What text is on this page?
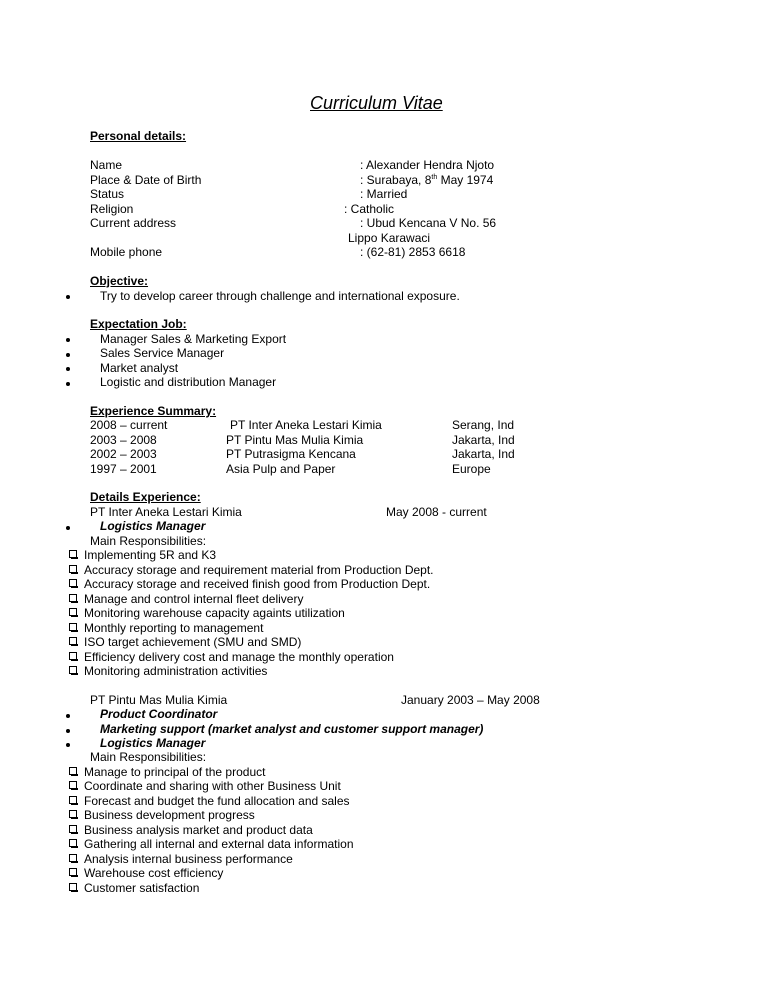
Curriculum Vitae
Personal details:
Name	: Alexander Hendra Njoto
Place & Date of Birth	: Surabaya, 8th May 1974
Status	: Married
Religion	: Catholic
Current address	: Ubud Kencana V No. 56
Lippo Karawaci
Mobile phone	: (62-81) 2853 6618
Objective:
Try to develop career through challenge and international exposure.
Expectation Job:
Manager Sales & Marketing Export
Sales Service Manager
Market analyst
Logistic and distribution Manager
Experience Summary:
2008 – current	PT Inter Aneka Lestari Kimia	Serang, Ind
2003 – 2008	PT Pintu Mas Mulia Kimia	Jakarta, Ind
2002 – 2003	PT Putrasigma Kencana	Jakarta, Ind
1997 – 2001	Asia Pulp and Paper	Europe
Details Experience:
PT Inter Aneka Lestari Kimia	May 2008 - current
Logistics Manager
Main Responsibilities:
Implementing 5R and K3
Accuracy storage and requirement material from Production Dept.
Accuracy storage and received finish good from Production Dept.
Manage and control internal fleet delivery
Monitoring warehouse capacity againts utilization
Monthly reporting to management
ISO target achievement (SMU and SMD)
Efficiency delivery cost and manage the monthly operation
Monitoring administration activities
PT Pintu Mas Mulia Kimia	January 2003 – May 2008
Product Coordinator
Marketing support (market analyst and customer support manager)
Logistics Manager
Main Responsibilities:
Manage to principal of the product
Coordinate and sharing with other Business Unit
Forecast and budget the fund allocation and sales
Business development progress
Business analysis market and product data
Gathering all internal and external data information
Analysis internal business performance
Warehouse cost efficiency
Customer satisfaction
